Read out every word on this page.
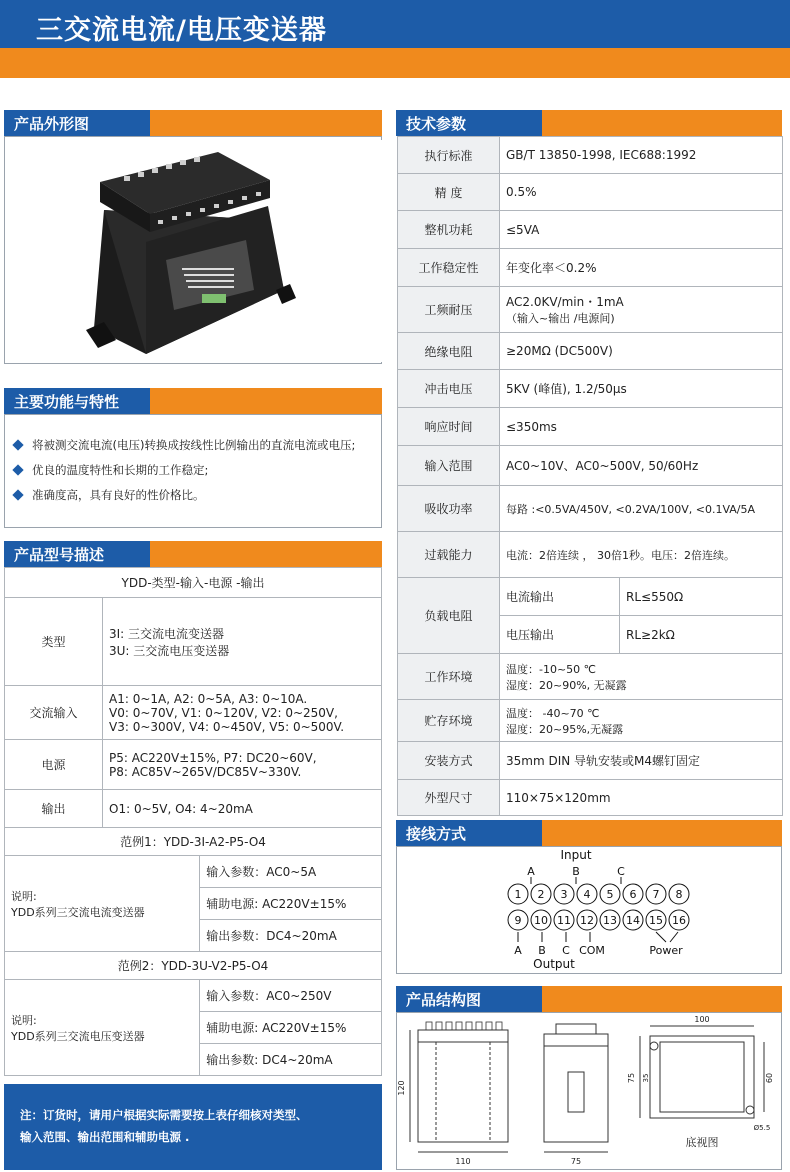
三交流电流/电压变送器
产品外形图
主要功能与特性
将被测交流电流(电压)转换成按线性比例输出的直流电流或电压;
优良的温度特性和长期的工作稳定;
准确度高，具有良好的性价格比。
产品型号描述
YDD-类型-输入-电源 -输出		
类型	3I: 三交流电流变送器
3U: 三交流电压变送器	

交流输入	A1: 0~1A, A2: 0~5A, A3: 0~10A.
V0: 0~70V, V1: 0~120V, V2: 0~250V,
V3: 0~300V, V4: 0~450V, V5: 0~500V.	

电源	P5: AC220V±15%, P7: DC20~60V,
P8: AC85V~265V/DC85V~330V.	

输出	O1: 0~5V, O4: 4~20mA	
范例1：YDD-3I-A2-P5-O4		

说明:
YDD系列三交流电流变送器		输入参数：AC0~5A
		辅助电源: AC220V±15%
		输出参数：DC4~20mA
范例2：YDD-3U-V2-P5-O4		

说明:
YDD系列三交流电压变送器		输入参数：AC0~250V
		辅助电源: AC220V±15%
		输出参数: DC4~20mA
注：订货时，请用户根据实际需要按上表仔细核对类型、
输入范围、输出范围和辅助电源 .
技术参数
执行标准	GB/T 13850-1998, IEC688:1992	
精 度	0.5%	
整机功耗	≤5VA	
工作稳定性	年变化率＜0.2%	
工频耐压	AC2.0KV/min・1mA
（输入~输出 /电源间)	

绝缘电阻	≥20MΩ (DC500V)	
冲击电压	5KV (峰值), 1.2/50μs	
响应时间	≤350ms	
输入范围	AC0~10V、AC0~500V, 50/60Hz	
吸收功率	每路 :<0.5VA/450V, <0.2VA/100V, <0.1VA/5A	
过载能力	电流：2倍连续 ， 30倍1秒。电压：2倍连续。	
负载电阻	电流输出	RL≤550Ω
	电压输出	RL≥2kΩ
工作环境	温度：-10~50 ℃
湿度：20~90%, 无凝露	

贮存环境	温度： -40~70 ℃
湿度：20~95%,无凝露	

安装方式	35mm DIN 导轨安装或M4螺钉固定	
外型尺寸	110×75×120mm	
接线方式
Input
A	B	C
1 2 3 4 5 6 7 8
9 10 11 12 13 14 15 16
A B C COM	Power
Output
产品结构图
120
110	75
100
75 35	60
Ø5.5
底视图
